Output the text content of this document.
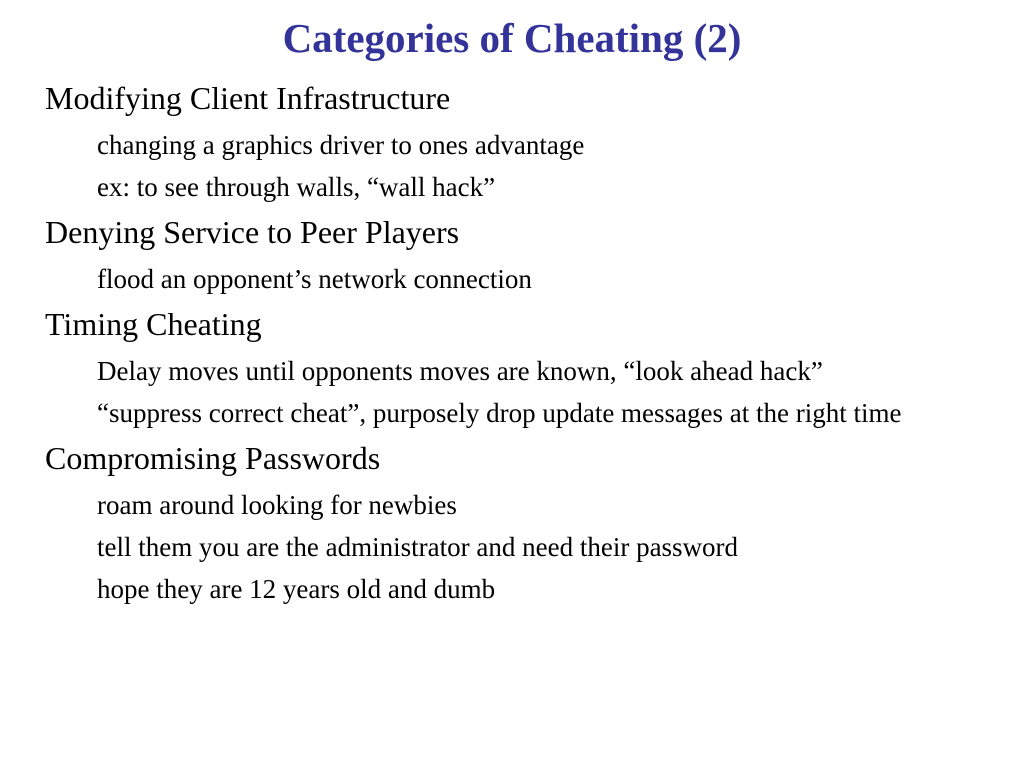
Categories of Cheating (2)
Modifying Client Infrastructure
changing a graphics driver to ones advantage
ex: to see through walls, “wall hack”
Denying Service to Peer Players
flood an opponent’s network connection
Timing Cheating
Delay moves until opponents moves are known, “look ahead hack”
“suppress correct cheat”, purposely drop update messages at the right time
Compromising Passwords
roam around looking for newbies
tell them you are the administrator and need their password
hope they are 12 years old and dumb
